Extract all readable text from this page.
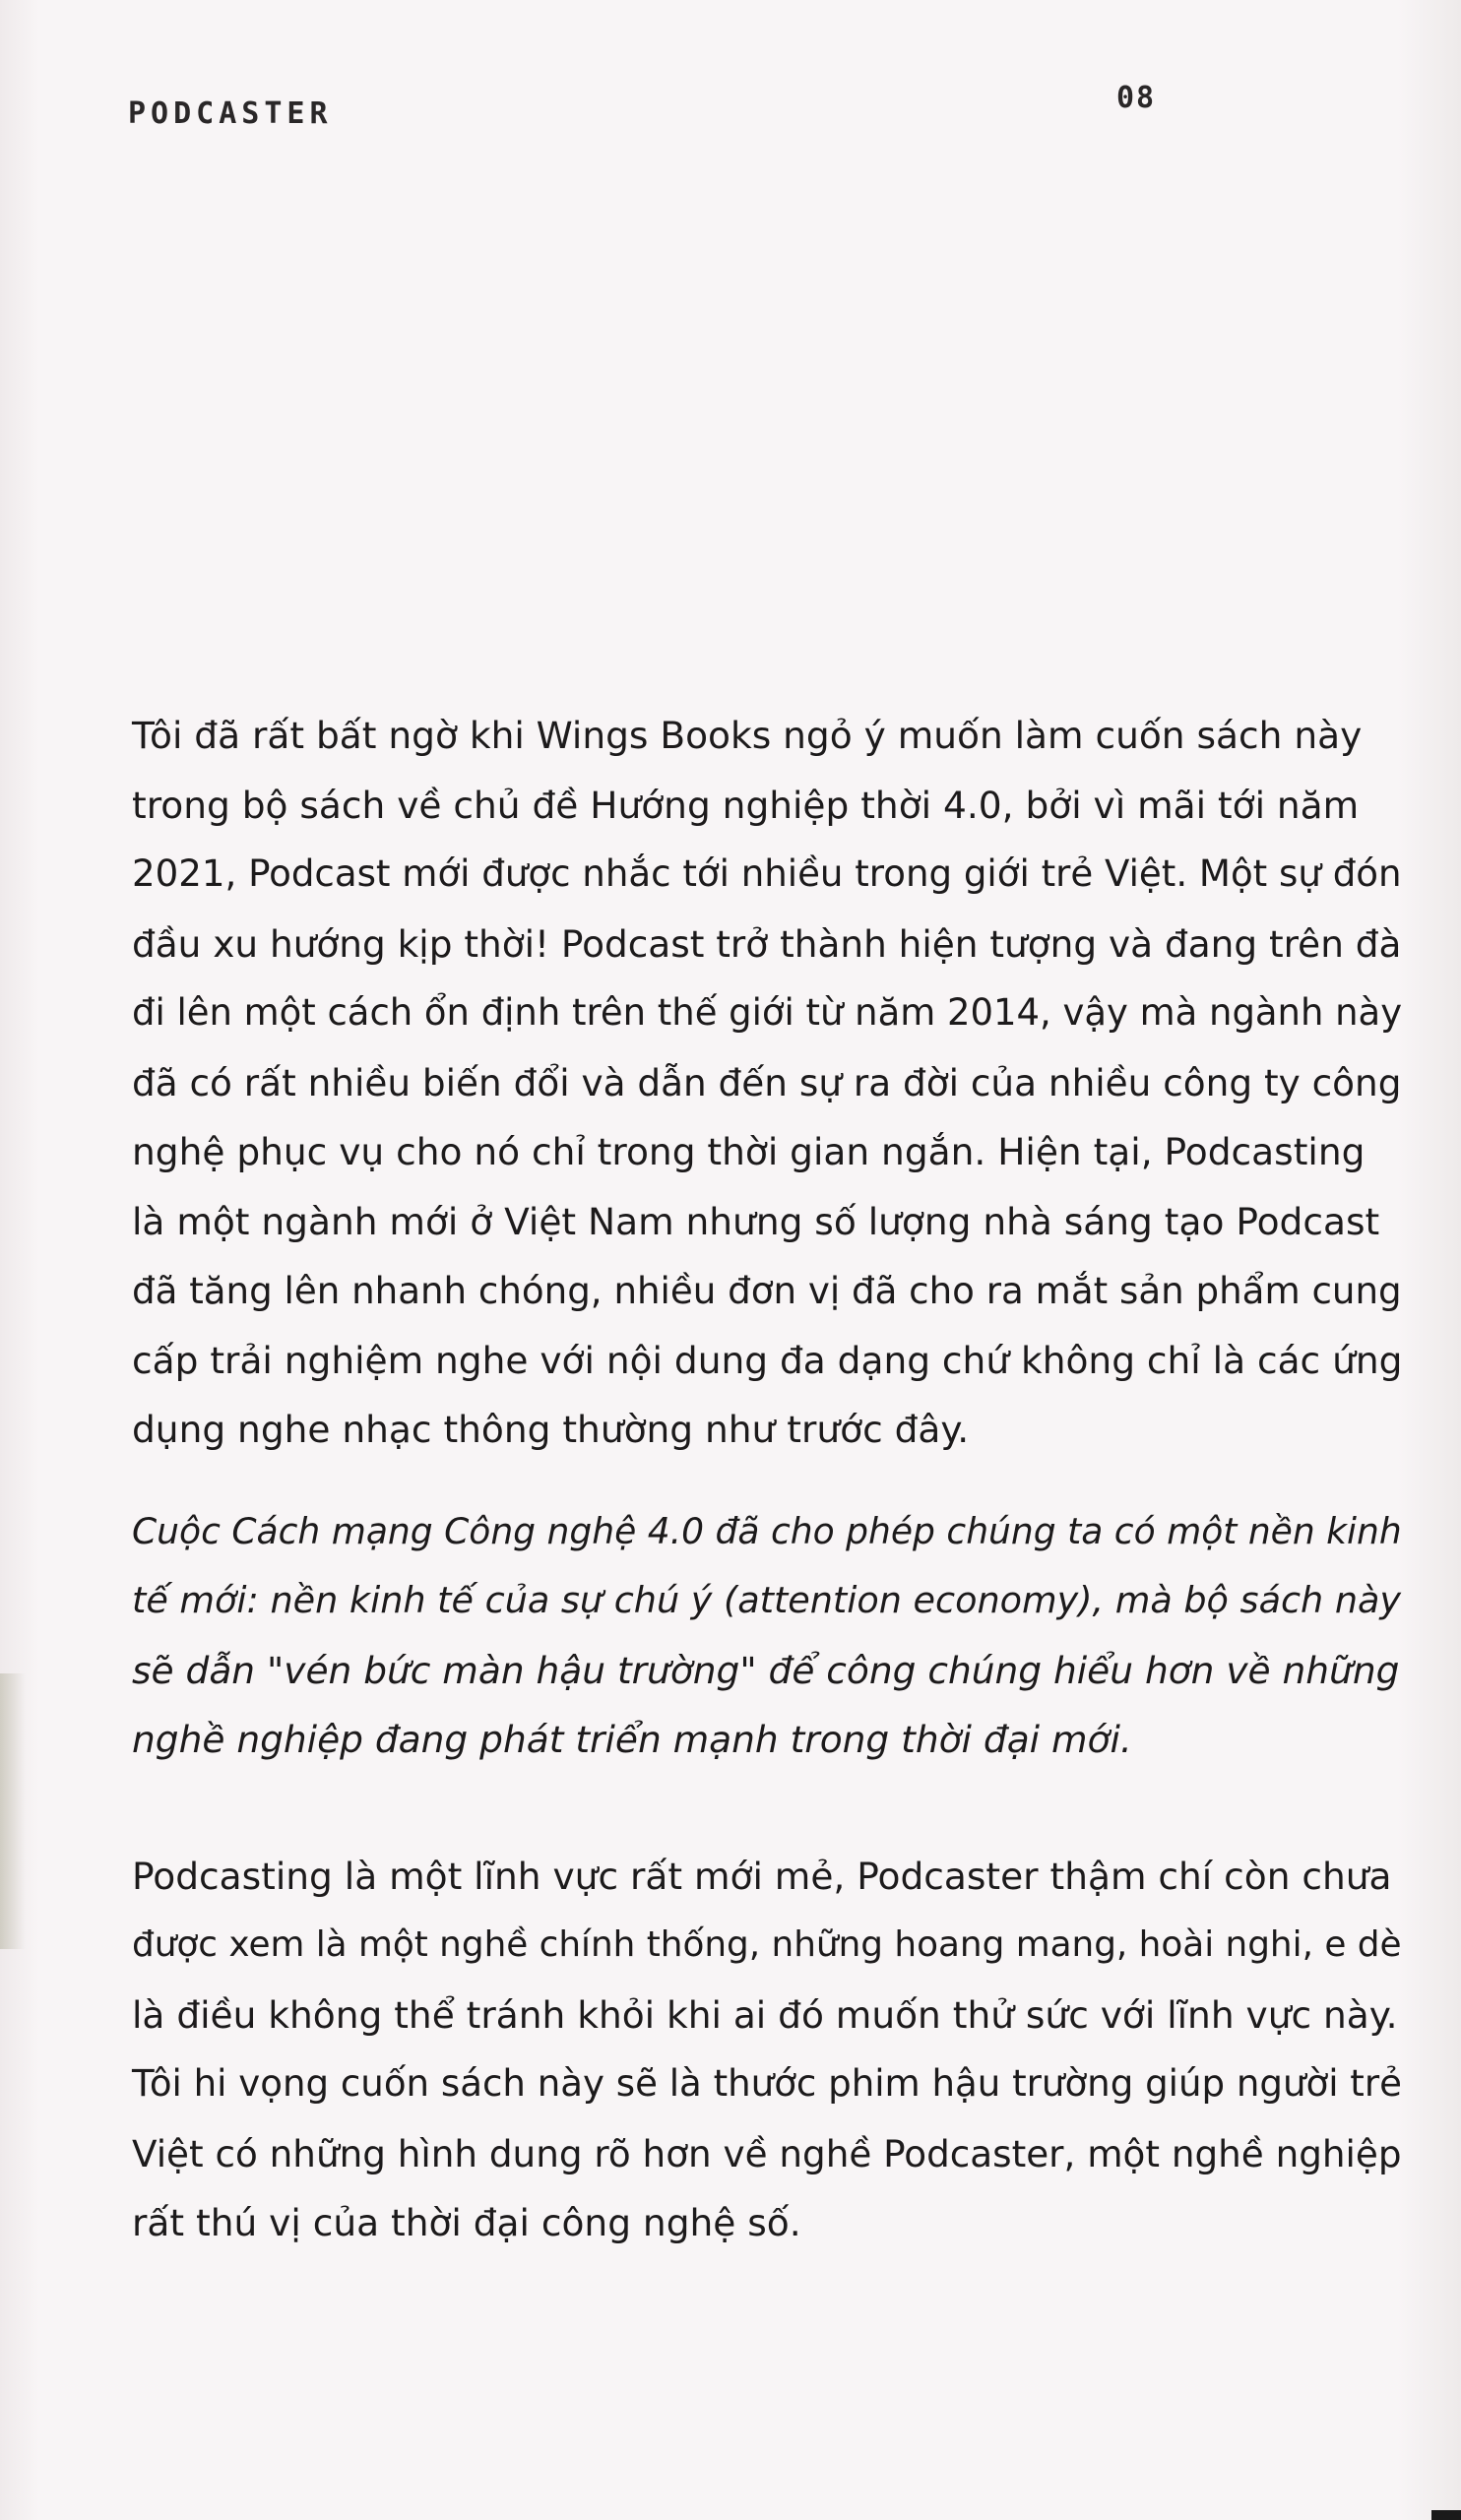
PODCASTER	08

Tôi đã rất bất ngờ khi Wings Books ngỏ ý muốn làm cuốn sách này
trong bộ sách về chủ đề Hướng nghiệp thời 4.0, bởi vì mãi tới năm
2021, Podcast mới được nhắc tới nhiều trong giới trẻ Việt. Một sự đón
đầu xu hướng kịp thời! Podcast trở thành hiện tượng và đang trên đà
đi lên một cách ổn định trên thế giới từ năm 2014, vậy mà ngành này
đã có rất nhiều biến đổi và dẫn đến sự ra đời của nhiều công ty công
nghệ phục vụ cho nó chỉ trong thời gian ngắn. Hiện tại, Podcasting
là một ngành mới ở Việt Nam nhưng số lượng nhà sáng tạo Podcast
đã tăng lên nhanh chóng, nhiều đơn vị đã cho ra mắt sản phẩm cung
cấp trải nghiệm nghe với nội dung đa dạng chứ không chỉ là các ứng
dụng nghe nhạc thông thường như trước đây.

Cuộc Cách mạng Công nghệ 4.0 đã cho phép chúng ta có một nền kinh
tế mới: nền kinh tế của sự chú ý (attention economy), mà bộ sách này
sẽ dẫn "vén bức màn hậu trường" để công chúng hiểu hơn về những
nghề nghiệp đang phát triển mạnh trong thời đại mới.

Podcasting là một lĩnh vực rất mới mẻ, Podcaster thậm chí còn chưa
được xem là một nghề chính thống, những hoang mang, hoài nghi, e dè
là điều không thể tránh khỏi khi ai đó muốn thử sức với lĩnh vực này.
Tôi hi vọng cuốn sách này sẽ là thước phim hậu trường giúp người trẻ
Việt có những hình dung rõ hơn về nghề Podcaster, một nghề nghiệp
rất thú vị của thời đại công nghệ số.
